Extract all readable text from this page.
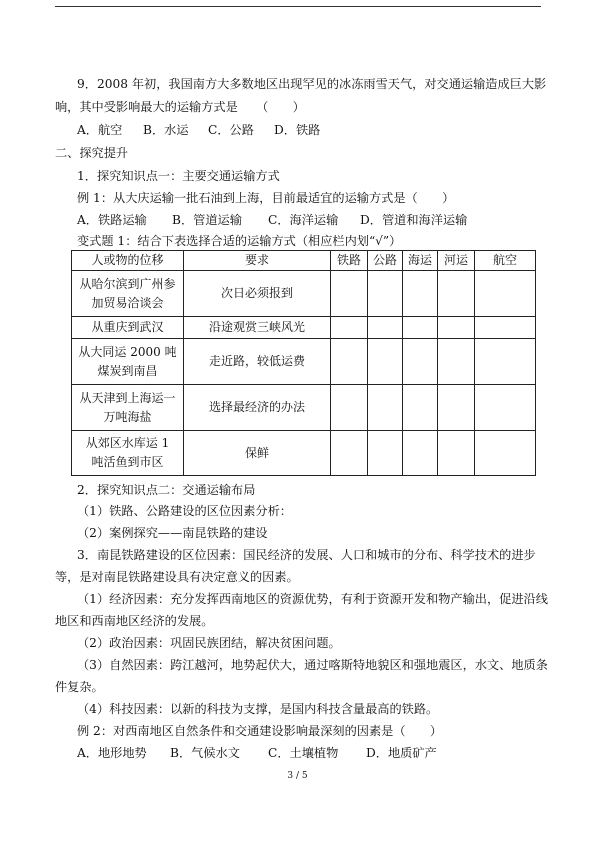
9．2008 年初，我国南方大多数地区出现罕见的冰冻雨雪天气，对交通运输造成巨大影
响，其中受影响最大的运输方式是　　（　　）
A．航空 B．水运 C．公路 D．铁路
二、探究提升
1．探究知识点一：主要交通运输方式
例 1：从大庆运输一批石油到上海，目前最适宜的运输方式是（　　）
A．铁路运输 B．管道运输 C．海洋运输 D．管道和海洋运输
变式题 1：结合下表选择合适的运输方式（相应栏内划“√”）
人或物的位移	要求	铁路	公路	海运	河运	航空
从哈尔滨到广州参加贸易洽谈会	次日必须报到					
从重庆到武汉	沿途观赏三峡风光					
从大同运 2000 吨煤炭到南昌	走近路，较低运费					
从天津到上海运一万吨海盐	选择最经济的办法					
从郊区水库运 1 吨活鱼到市区	保鲜					
2．探究知识点二：交通运输布局
（1）铁路、公路建设的区位因素分析：
（2）案例探究——南昆铁路的建设
3．南昆铁路建设的区位因素：国民经济的发展、人口和城市的分布、科学技术的进步
等，是对南昆铁路建设具有决定意义的因素。
（1）经济因素：充分发挥西南地区的资源优势，有利于资源开发和物产输出，促进沿线
地区和西南地区经济的发展。
（2）政治因素：巩固民族团结，解决贫困问题。
（3）自然因素：跨江越河，地势起伏大，通过喀斯特地貌区和强地震区，水文、地质条
件复杂。
（4）科技因素：以新的科技为支撑，是国内科技含量最高的铁路。
例 2：对西南地区自然条件和交通建设影响最深刻的因素是（　　）
A．地形地势 B．气候水文 C．土壤植物 D．地质矿产
3 / 5
